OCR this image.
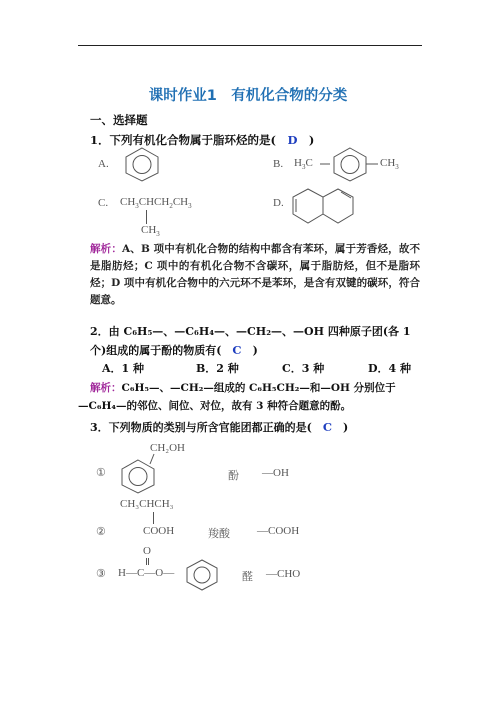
课时作业1　有机化合物的分类
一、选择题
1．下列有机化合物属于脂环烃的是(　D　)
A.	B. $H_3C$	$CH_3$
C. $CH_3CHCH_2CH_3$
$CH_3$
D.
解析：A、B 项中有机化合物的结构中都含有苯环，属于芳香烃，故不是脂肪烃；C 项中的有机化合物不含碳环，属于脂肪烃，但不是脂环烃；D 项中有机化合物中的六元环不是苯环，是含有双键的碳环，符合题意。
2．由 C₆H₅—、—C₆H₄—、—CH₂—、—OH 四种原子团(各 1
个)组成的属于酚的物质有(　C　)
A．1 种	B．2 种	C．3 种	D．4 种
解析：C₆H₅—、—CH₂—组成的 C₆H₅CH₂—和—OH 分别位于
—C₆H₄—的邻位、间位、对位，故有 3 种符合题意的酚。
3．下列物质的类别与所含官能团都正确的是(　C　)
CH₂OH
①	酚 —OH
CH₃CHCH₃
②	COOH	羧酸 —COOH
O
③ H—C—O—	醛 —CHO
